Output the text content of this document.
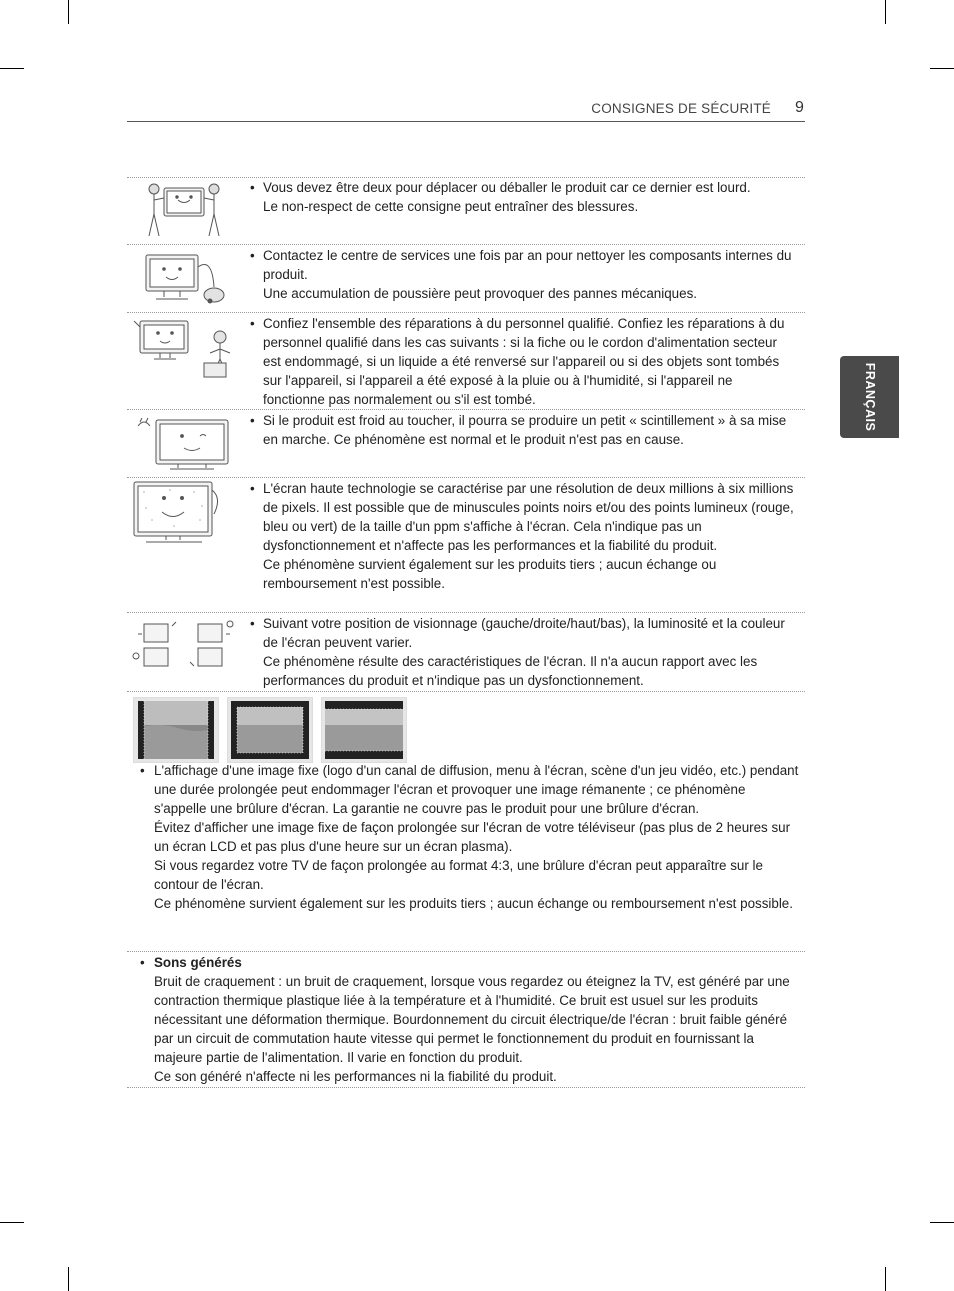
CONSIGNES DE SÉCURITÉ 9
FRANÇAIS
• Vous devez être deux pour déplacer ou déballer le produit car ce dernier est lourd.

Le non-respect de cette consigne peut entraîner des blessures.

• Contactez le centre de services une fois par an pour nettoyer les composants internes du produit.

Une accumulation de poussière peut provoquer des pannes mécaniques.

• Confiez l'ensemble des réparations à du personnel qualifié. Confiez les réparations à du personnel qualifié dans les cas suivants : si la fiche ou le cordon d'alimentation secteur est endommagé, si un liquide a été renversé sur l'appareil ou si des objets sont tombés sur l'appareil, si l'appareil a été exposé à la pluie ou à l'humidité, si l'appareil ne fonctionne pas normalement ou s'il est tombé.

• Si le produit est froid au toucher, il pourra se produire un petit « scintillement » à sa mise en marche. Ce phénomène est normal et le produit n'est pas en cause.

• L'écran haute technologie se caractérise par une résolution de deux millions à six millions de pixels. Il est possible que de minuscules points noirs et/ou des points lumineux (rouge, bleu ou vert) de la taille d'un ppm s'affiche à l'écran. Cela n'indique pas un dysfonctionnement et n'affecte pas les performances et la fiabilité du produit.

Ce phénomène survient également sur les produits tiers ; aucun échange ou remboursement n'est possible.

• Suivant votre position de visionnage (gauche/droite/haut/bas), la luminosité et la couleur de l'écran peuvent varier.

Ce phénomène résulte des caractéristiques de l'écran. Il n'a aucun rapport avec les performances du produit et n'indique pas un dysfonctionnement.

• L'affichage d'une image fixe (logo d'un canal de diffusion, menu à l'écran, scène d'un jeu vidéo, etc.) pendant une durée prolongée peut endommager l'écran et provoquer une image rémanente ; ce phénomène s'appelle une brûlure d'écran. La garantie ne couvre pas le produit pour une brûlure d'écran.

Évitez d'afficher une image fixe de façon prolongée sur l'écran de votre téléviseur (pas plus de 2 heures sur un écran LCD et pas plus d'une heure sur un écran plasma).

Si vous regardez votre TV de façon prolongée au format 4:3, une brûlure d'écran peut apparaître sur le contour de l'écran.

Ce phénomène survient également sur les produits tiers ; aucun échange ou remboursement n'est possible.

• Sons générés

Bruit de craquement : un bruit de craquement, lorsque vous regardez ou éteignez la TV, est généré par une contraction thermique plastique liée à la température et à l'humidité. Ce bruit est usuel sur les produits nécessitant une déformation thermique. Bourdonnement du circuit électrique/de l'écran : bruit faible généré par un circuit de commutation haute vitesse qui permet le fonctionnement du produit en fournissant la majeure partie de l'alimentation. Il varie en fonction du produit.

Ce son généré n'affecte ni les performances ni la fiabilité du produit.
